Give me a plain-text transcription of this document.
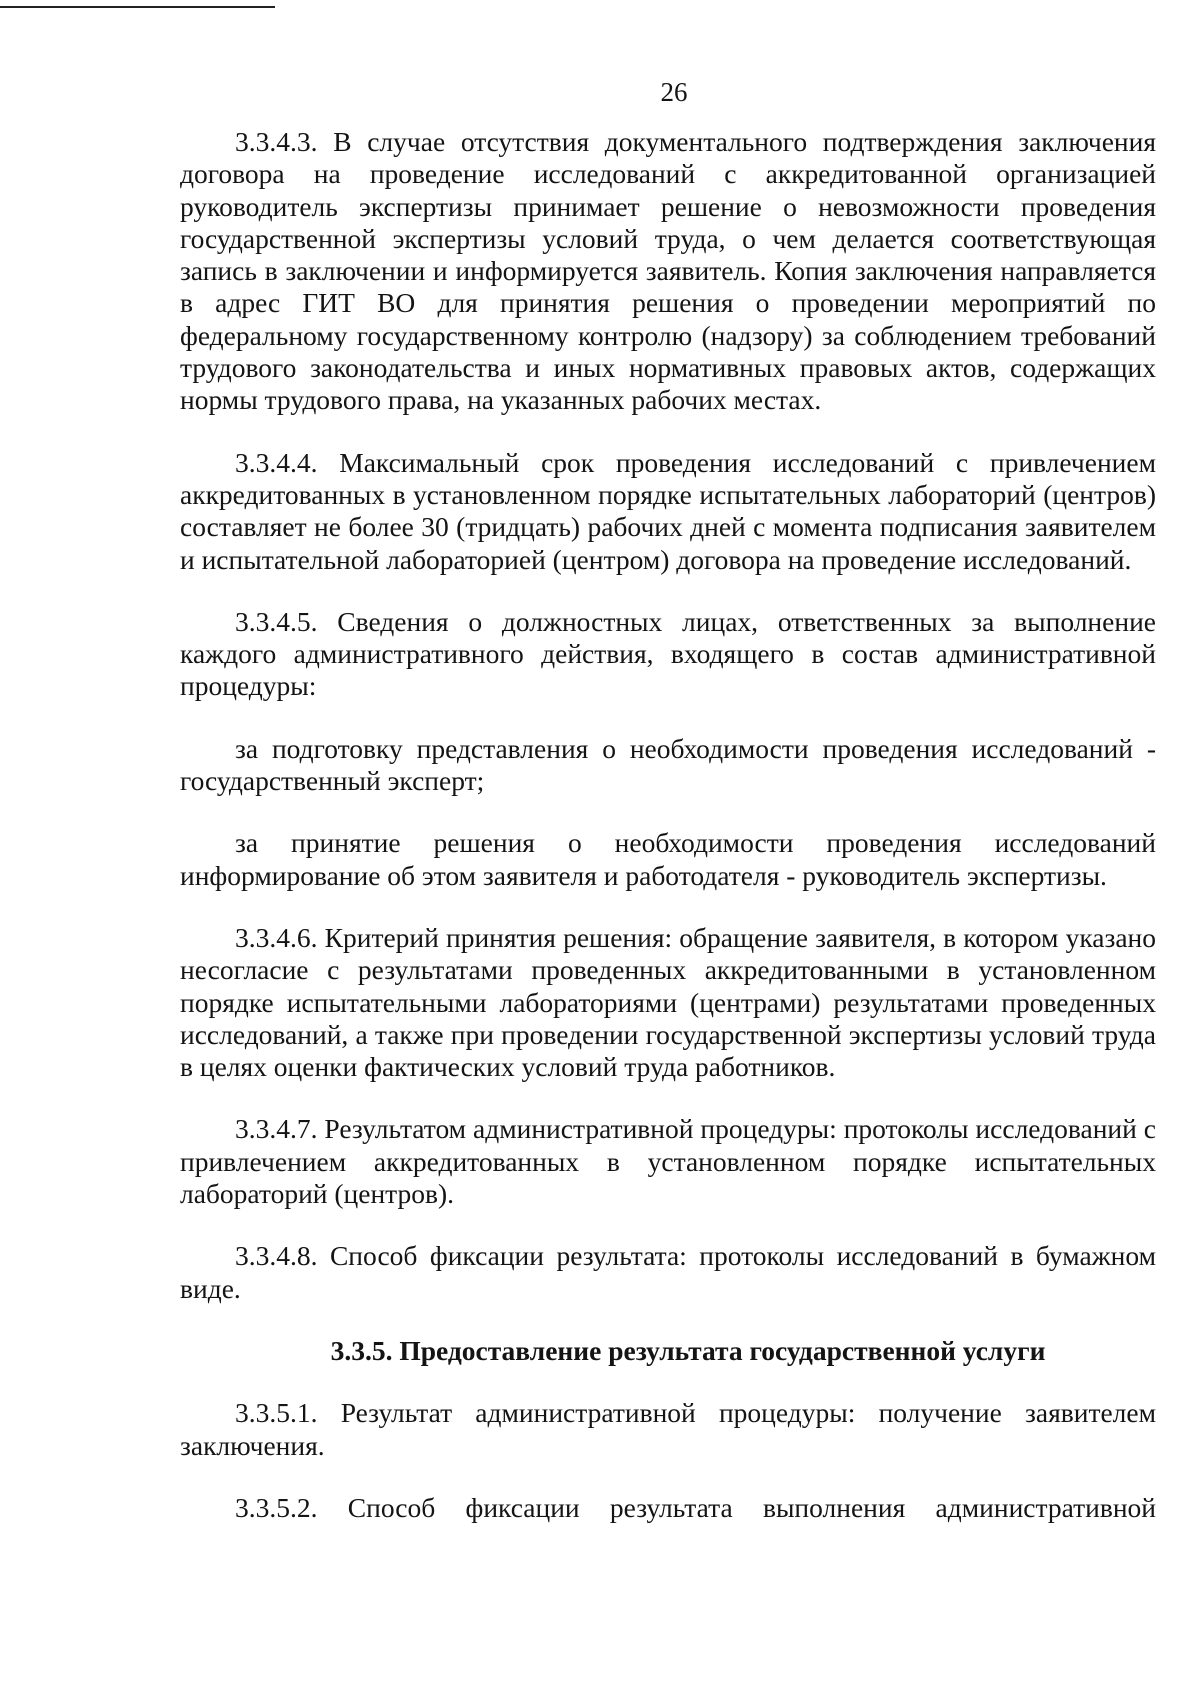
26

3.3.4.3. В случае отсутствия документального подтверждения заключения договора на проведение исследований с аккредитованной организацией руководитель экспертизы принимает решение о невозможности проведения государственной экспертизы условий труда, о чем делается соответствующая запись в заключении и информируется заявитель. Копия заключения направляется в адрес ГИТ ВО для принятия решения о проведении мероприятий по федеральному государственному контролю (надзору) за соблюдением требований трудового законодательства и иных нормативных правовых актов, содержащих нормы трудового права, на указанных рабочих местах.

3.3.4.4. Максимальный срок проведения исследований с привлечением аккредитованных в установленном порядке испытательных лабораторий (центров) составляет не более 30 (тридцать) рабочих дней с момента подписания заявителем и испытательной лабораторией (центром) договора на проведение исследований.

3.3.4.5. Сведения о должностных лицах, ответственных за выполнение каждого административного действия, входящего в состав административной процедуры:

за подготовку представления о необходимости проведения исследований - государственный эксперт;

за принятие решения о необходимости проведения исследований информирование об этом заявителя и работодателя - руководитель экспертизы.

3.3.4.6. Критерий принятия решения: обращение заявителя, в котором указано несогласие с результатами проведенных аккредитованными в установленном порядке испытательными лабораториями (центрами) результатами проведенных исследований, а также при проведении государственной экспертизы условий труда в целях оценки фактических условий труда работников.

3.3.4.7. Результатом административной процедуры: протоколы исследований с привлечением аккредитованных в установленном порядке испытательных лабораторий (центров).

3.3.4.8. Способ фиксации результата: протоколы исследований в бумажном виде.

3.3.5. Предоставление результата государственной услуги

3.3.5.1. Результат административной процедуры: получение заявителем заключения.

3.3.5.2. Способ фиксации результата выполнения административной
